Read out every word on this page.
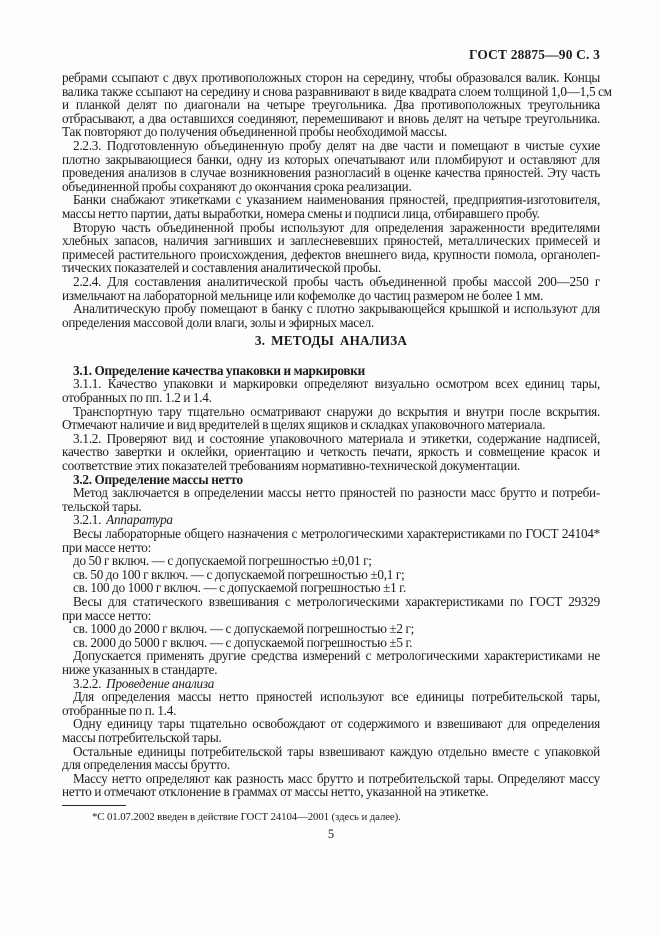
ГОСТ 28875—90 С. 3
ребрами ссыпают с двух противоположных сторон на середину, чтобы образовался валик. Концы
валика также ссыпают на середину и снова разравнивают в виде квадрата слоем толщиной 1,0—1,5 см
и планкой делят по диагонали на четыре треугольника. Два противоположных треугольника
отбрасывают, а два оставшихся соединяют, перемешивают и вновь делят на четыре треугольника.
Так повторяют до получения объединенной пробы необходимой массы.
2.2.3. Подготовленную объединенную пробу делят на две части и помещают в чистые сухие
плотно закрывающиеся банки, одну из которых опечатывают или пломбируют и оставляют для
проведения анализов в случае возникновения разногласий в оценке качества пряностей. Эту часть
объединенной пробы сохраняют до окончания срока реализации.
Банки снабжают этикетками с указанием наименования пряностей, предприятия-изготовителя,
массы нетто партии, даты выработки, номера смены и подписи лица, отбиравшего пробу.
Вторую часть объединенной пробы используют для определения зараженности вредителями
хлебных запасов, наличия загнивших и заплесневевших пряностей, металлических примесей и
примесей растительного происхождения, дефектов внешнего вида, крупности помола, органолеп-
тических показателей и составления аналитической пробы.
2.2.4. Для составления аналитической пробы часть объединенной пробы массой 200—250 г
измельчают на лабораторной мельнице или кофемолке до частиц размером не более 1 мм.
Аналитическую пробу помещают в банку с плотно закрывающейся крышкой и используют для
определения массовой доли влаги, золы и эфирных масел.
3. МЕТОДЫ АНАЛИЗА
3.1. Определение качества упаковки и маркировки
3.1.1. Качество упаковки и маркировки определяют визуально осмотром всех единиц тары,
отобранных по пп. 1.2 и 1.4.
Транспортную тару тщательно осматривают снаружи до вскрытия и внутри после вскрытия.
Отмечают наличие и вид вредителей в щелях ящиков и складках упаковочного материала.
3.1.2. Проверяют вид и состояние упаковочного материала и этикетки, содержание надписей,
качество завертки и оклейки, ориентацию и четкость печати, яркость и совмещение красок и
соответствие этих показателей требованиям нормативно-технической документации.
3.2. Определение массы нетто
Метод заключается в определении массы нетто пряностей по разности масс брутто и потреби-
тельской тары.
3.2.1. Аппаратура
Весы лабораторные общего назначения с метрологическими характеристиками по ГОСТ 24104*
при массе нетто:
до 50 г включ. — с допускаемой погрешностью ±0,01 г;
св. 50 до 100 г включ. — с допускаемой погрешностью ±0,1 г;
св. 100 до 1000 г включ. — с допускаемой погрешностью ±1 г.
Весы для статического взвешивания с метрологическими характеристиками по ГОСТ 29329
при массе нетто:
св. 1000 до 2000 г включ. — с допускаемой погрешностью ±2 г;
св. 2000 до 5000 г включ. — с допускаемой погрешностью ±5 г.
Допускается применять другие средства измерений с метрологическими характеристиками не
ниже указанных в стандарте.
3.2.2. Проведение анализа
Для определения массы нетто пряностей используют все единицы потребительской тары,
отобранные по п. 1.4.
Одну единицу тары тщательно освобождают от содержимого и взвешивают для определения
массы потребительской тары.
Остальные единицы потребительской тары взвешивают каждую отдельно вместе с упаковкой
для определения массы брутто.
Массу нетто определяют как разность масс брутто и потребительской тары. Определяют массу
нетто и отмечают отклонение в граммах от массы нетто, указанной на этикетке.
*С 01.07.2002 введен в действие ГОСТ 24104—2001 (здесь и далее).
5
